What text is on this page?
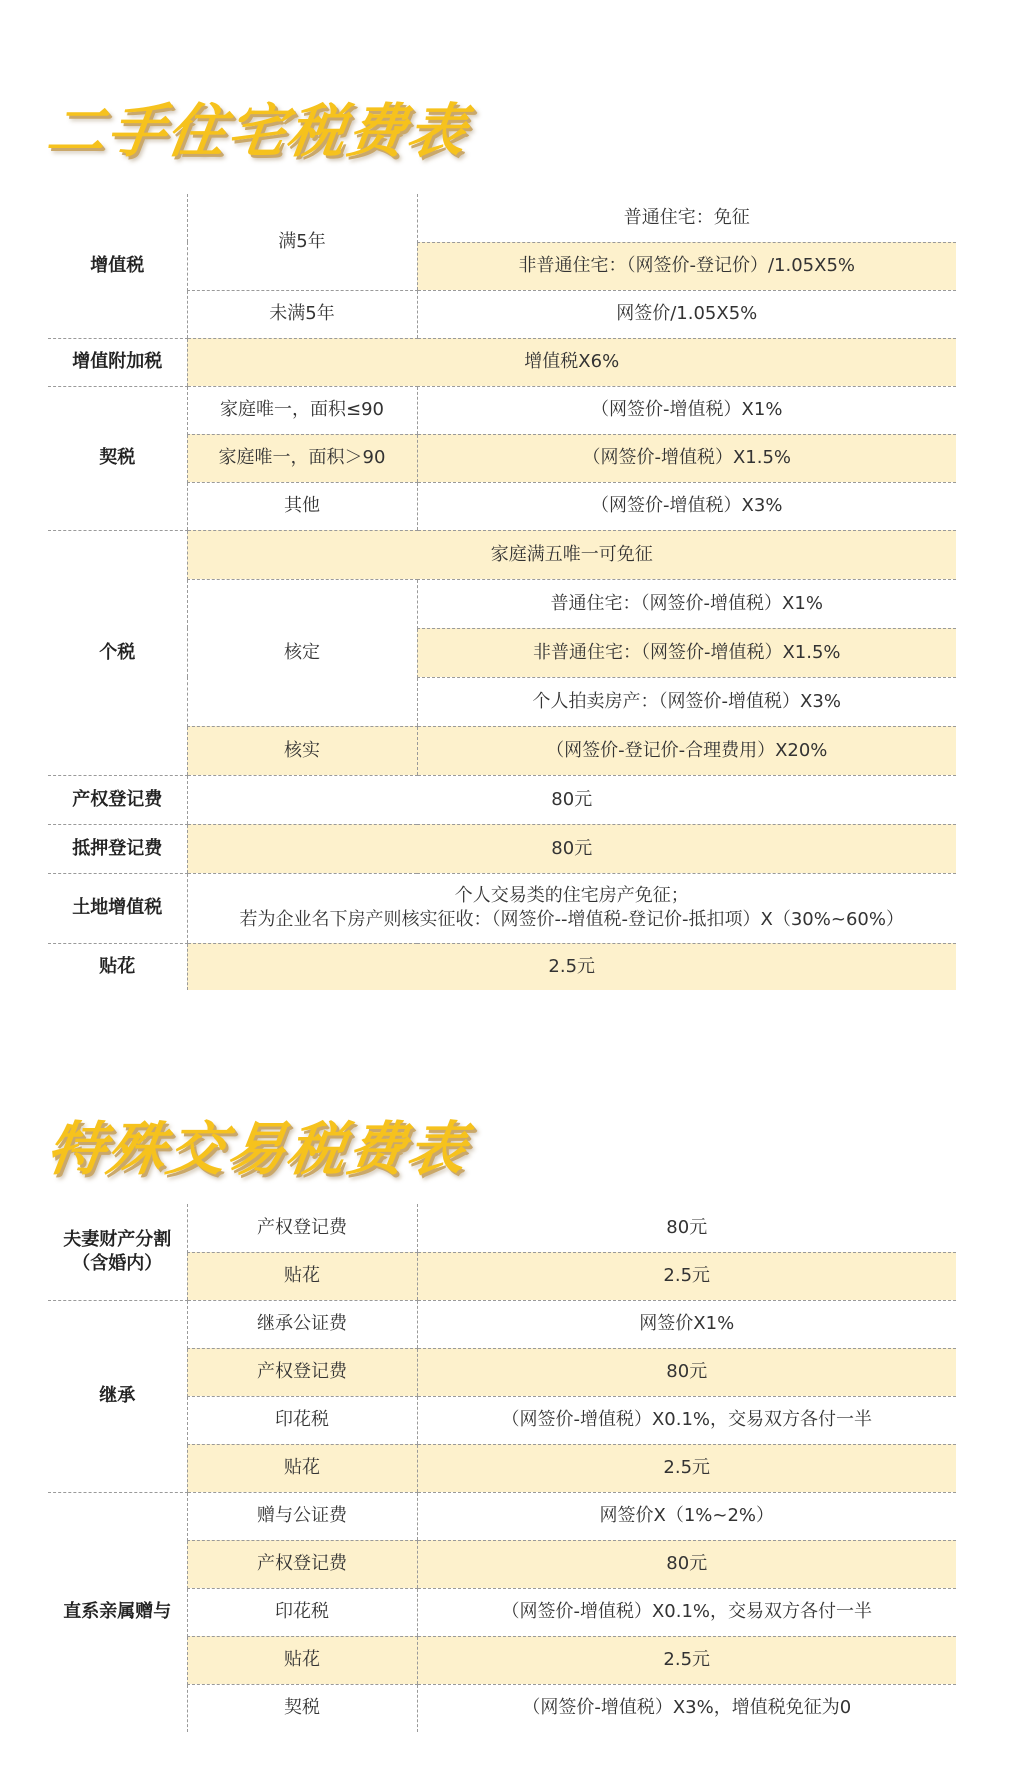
二手住宅税费表
增值税	满5年	普通住宅：免征
		非普通住宅：（网签价-登记价）/1.05X5%
	未满5年	网签价/1.05X5%
增值附加税	增值税X6%	
契税	家庭唯一，面积≤90	（网签价-增值税）X1%
	家庭唯一，面积＞90	（网签价-增值税）X1.5%
	其他	（网签价-增值税）X3%
个税	家庭满五唯一可免征	
	核定	普通住宅：（网签价-增值税）X1%
		非普通住宅：（网签价-增值税）X1.5%
		个人拍卖房产：（网签价-增值税）X3%
	核实	（网签价-登记价-合理费用）X20%
产权登记费	80元	
抵押登记费	80元	
土地增值税	个人交易类的住宅房产免征；
若为企业名下房产则核实征收：（网签价--增值税-登记价-抵扣项）X（30%~60%）	

贴花	2.5元	
特殊交易税费表
夫妻财产分割
（含婚内）	产权登记费	80元
	贴花	2.5元
继承	继承公证费	网签价X1%
	产权登记费	80元
	印花税	（网签价-增值税）X0.1%，交易双方各付一半
	贴花	2.5元
直系亲属赠与	赠与公证费	网签价X（1%~2%）
	产权登记费	80元
	印花税	（网签价-增值税）X0.1%，交易双方各付一半
	贴花	2.5元
	契税	（网签价-增值税）X3%，增值税免征为0
